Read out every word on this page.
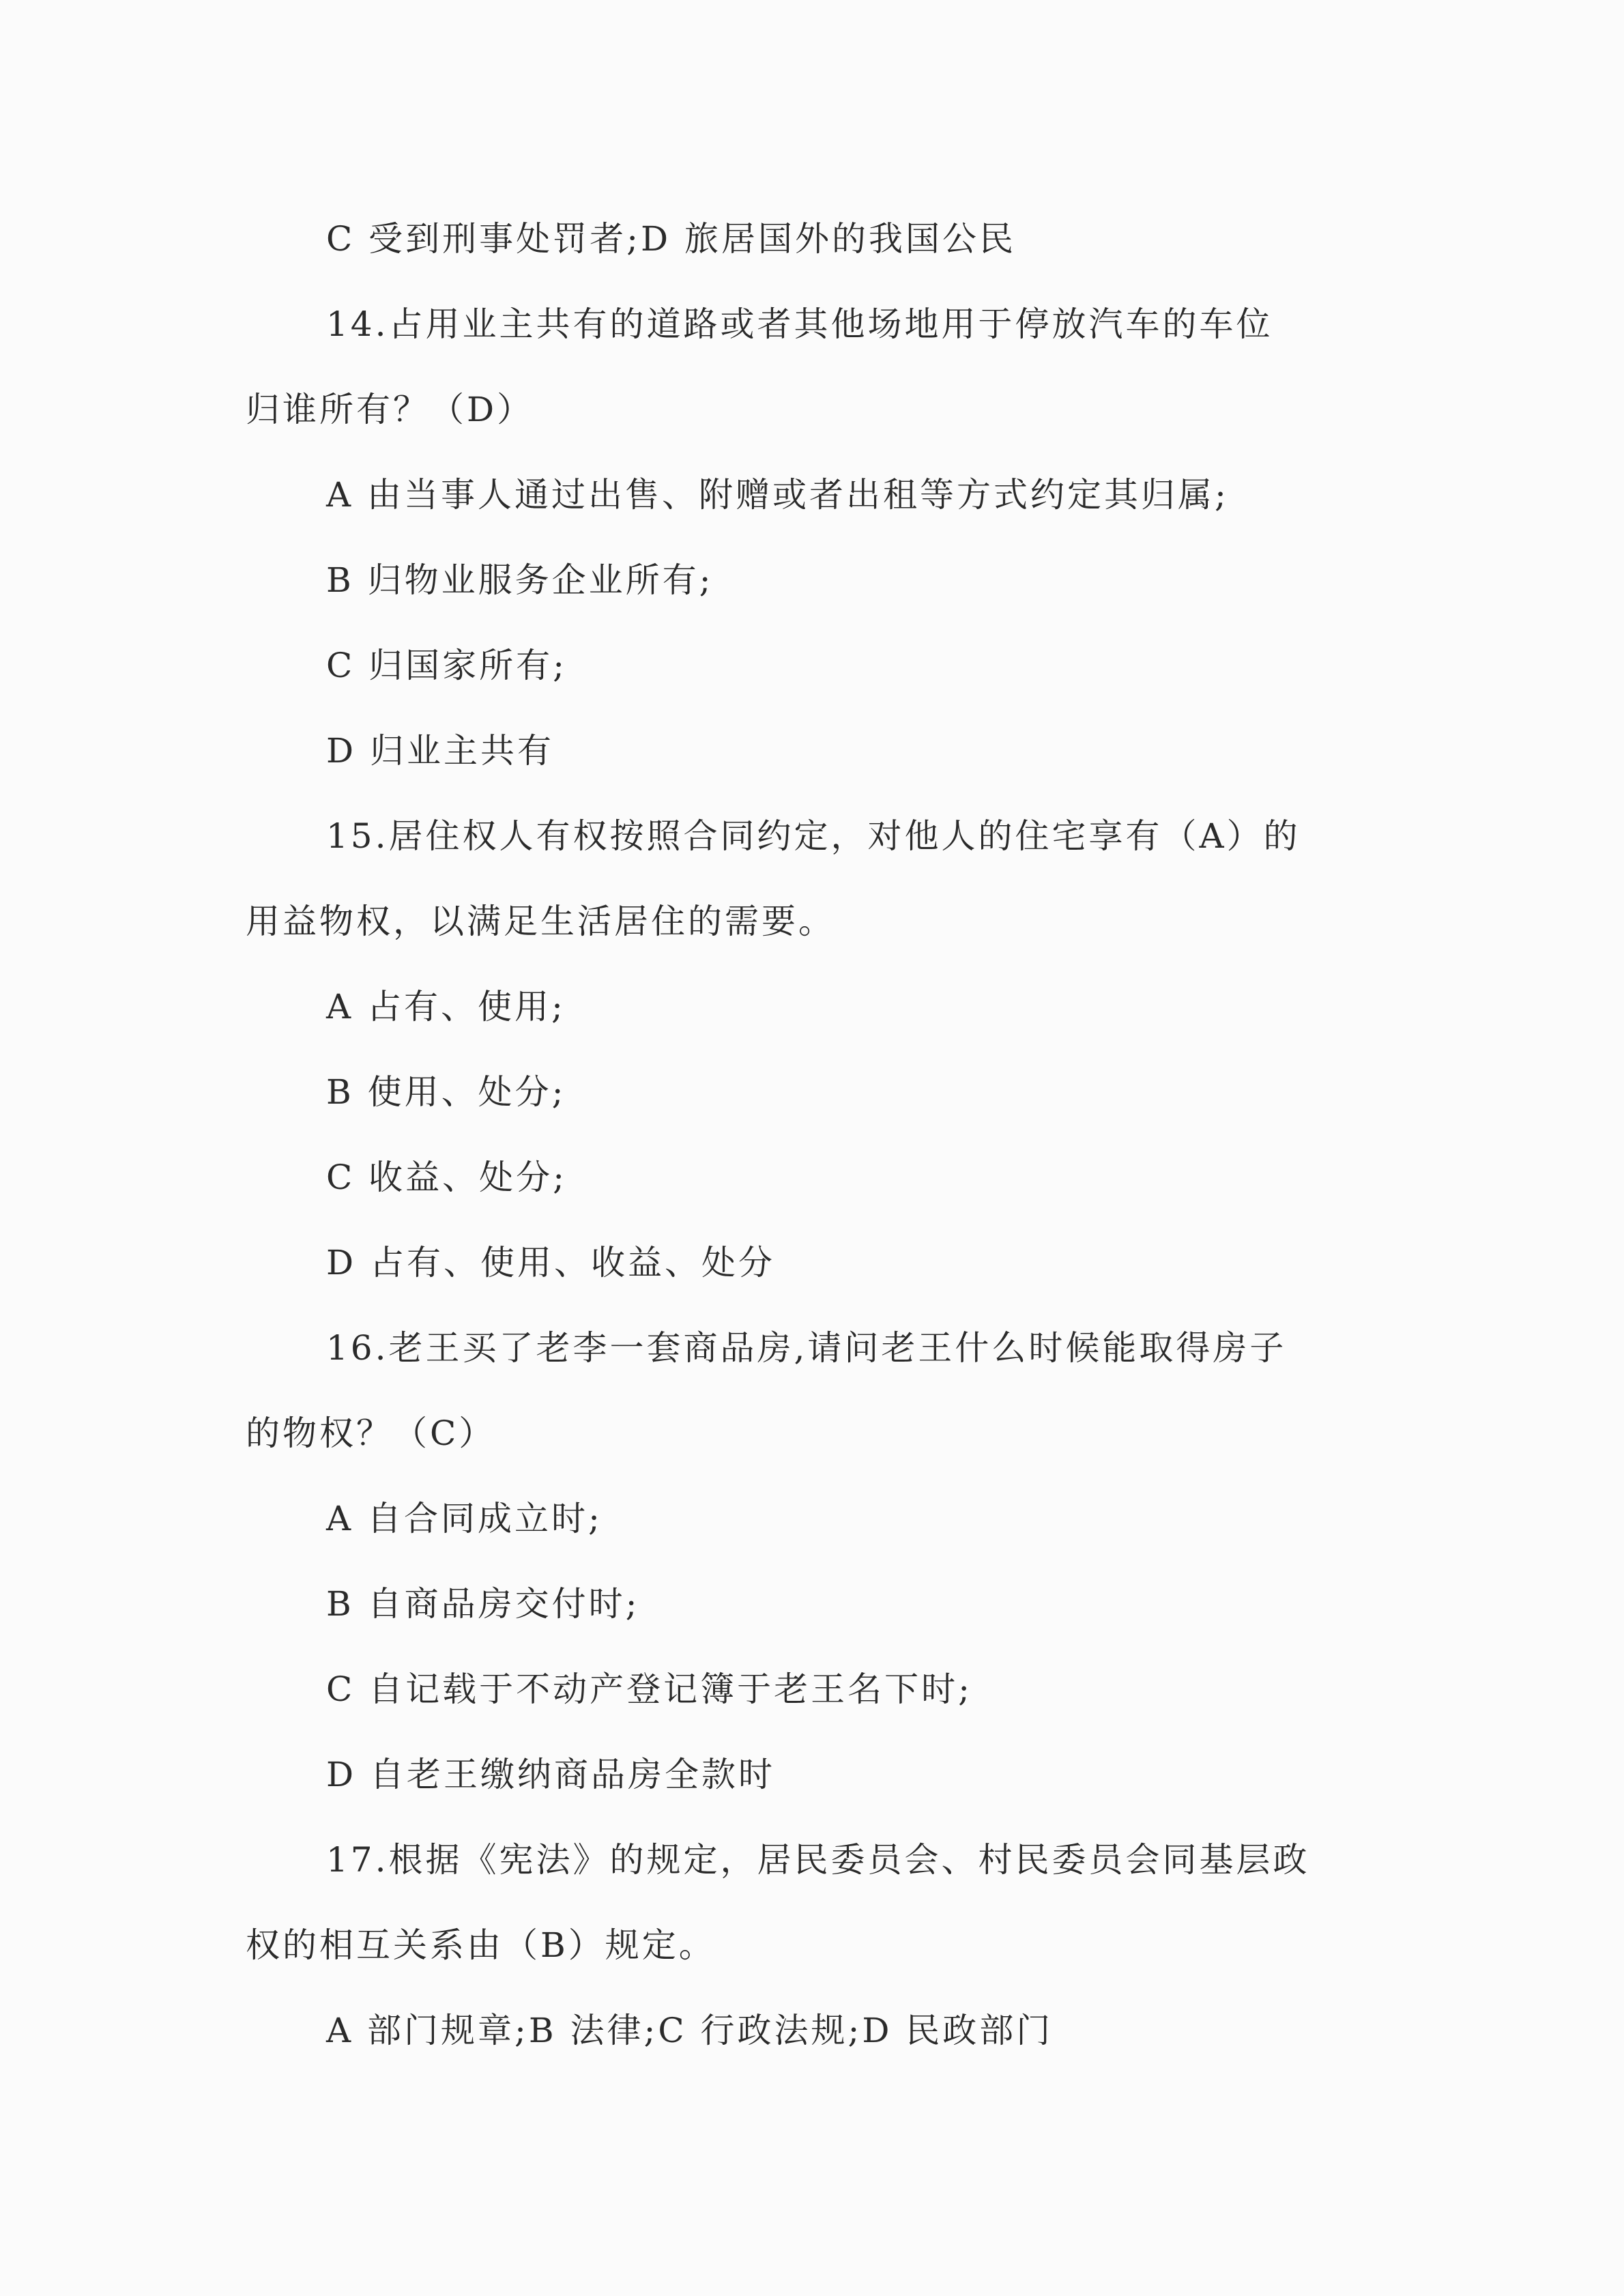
C 受到刑事处罚者;D 旅居国外的我国公民
14.占用业主共有的道路或者其他场地用于停放汽车的车位
归谁所有？（D）
A 由当事人通过出售、附赠或者出租等方式约定其归属;
B 归物业服务企业所有;
C 归国家所有;
D 归业主共有
15.居住权人有权按照合同约定，对他人的住宅享有（A）的
用益物权，以满足生活居住的需要。
A 占有、使用;
B 使用、处分;
C 收益、处分;
D 占有、使用、收益、处分
16.老王买了老李一套商品房,请问老王什么时候能取得房子
的物权？（C）
A 自合同成立时;
B 自商品房交付时;
C 自记载于不动产登记簿于老王名下时;
D 自老王缴纳商品房全款时
17.根据《宪法》的规定，居民委员会、村民委员会同基层政
权的相互关系由（B）规定。
A 部门规章;B 法律;C 行政法规;D 民政部门
